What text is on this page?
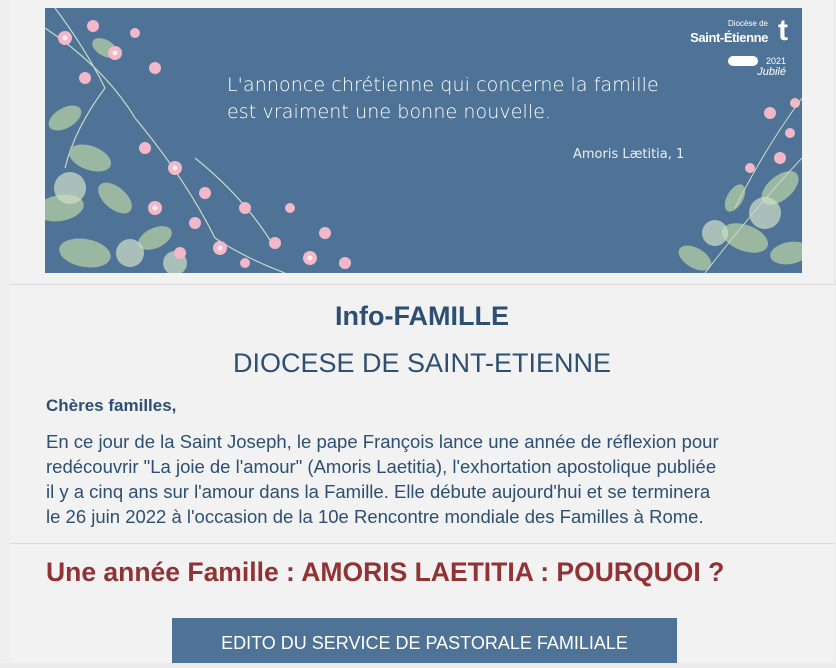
L'annonce chrétienne qui concerne la famille
est vraiment une bonne nouvelle.
Amoris Lætitia, 1
Diocèse de
Saint-Étienne t
2021
Jubilé
Info-FAMILLE
DIOCESE DE SAINT-ETIENNE
Chères familles,
En ce jour de la Saint Joseph, le pape François lance une année de réflexion pour
redécouvrir "La joie de l'amour" (Amoris Laetitia), l'exhortation apostolique publiée
il y a cinq ans sur l'amour dans la Famille. Elle débute aujourd'hui et se terminera
le 26 juin 2022 à l'occasion de la 10e Rencontre mondiale des Familles à Rome.
Une année Famille : AMORIS LAETITIA : POURQUOI ?
EDITO DU SERVICE DE PASTORALE FAMILIALE
